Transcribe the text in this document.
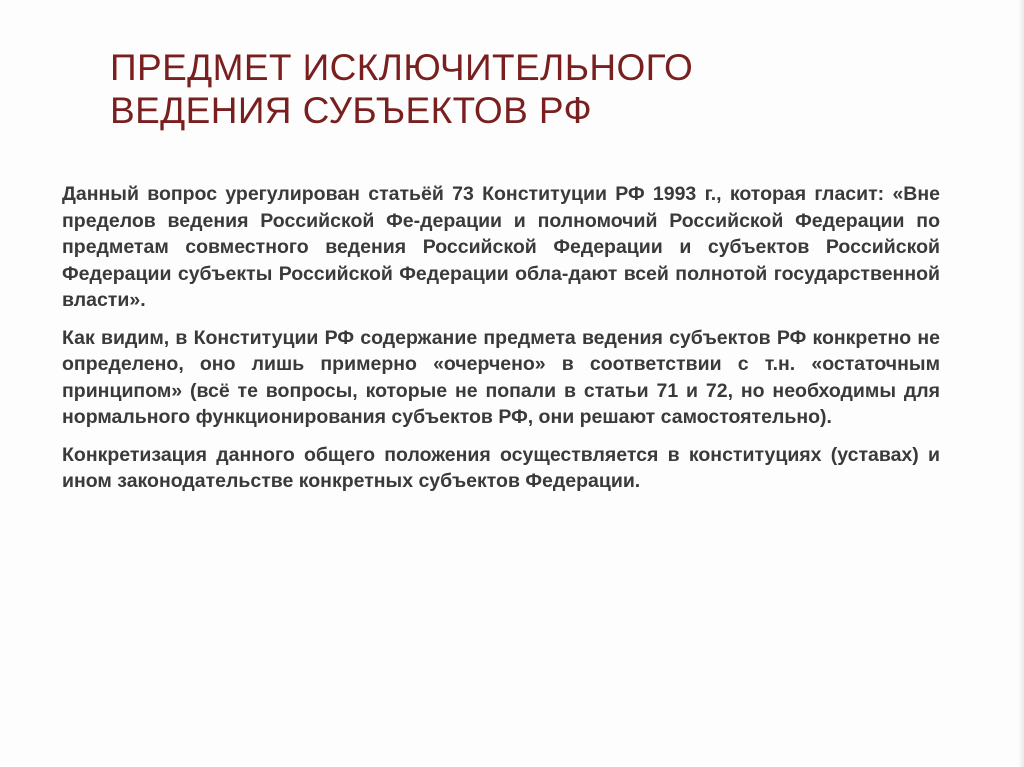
ПРЕДМЕТ ИСКЛЮЧИТЕЛЬНОГО
ВЕДЕНИЯ СУБЪЕКТОВ РФ

Данный вопрос урегулирован статьёй 73 Конституции РФ 1993 г., которая гласит: «Вне пределов ведения Российской Фе-дерации и полномочий Российской Федерации по предметам совместного ведения Российской Федерации и субъектов Российской Федерации субъекты Российской Федерации обла-дают всей полнотой государственной власти».

Как видим, в Конституции РФ содержание предмета ведения субъектов РФ конкретно не определено, оно лишь примерно «очерчено» в соответствии с т.н. «остаточным принципом» (всё те вопросы, которые не попали в статьи 71 и 72, но необходимы для нормального функционирования субъектов РФ, они решают самостоятельно).

Конкретизация данного общего положения осуществляется в конституциях (уставах) и ином законодательстве конкретных субъектов Федерации.
